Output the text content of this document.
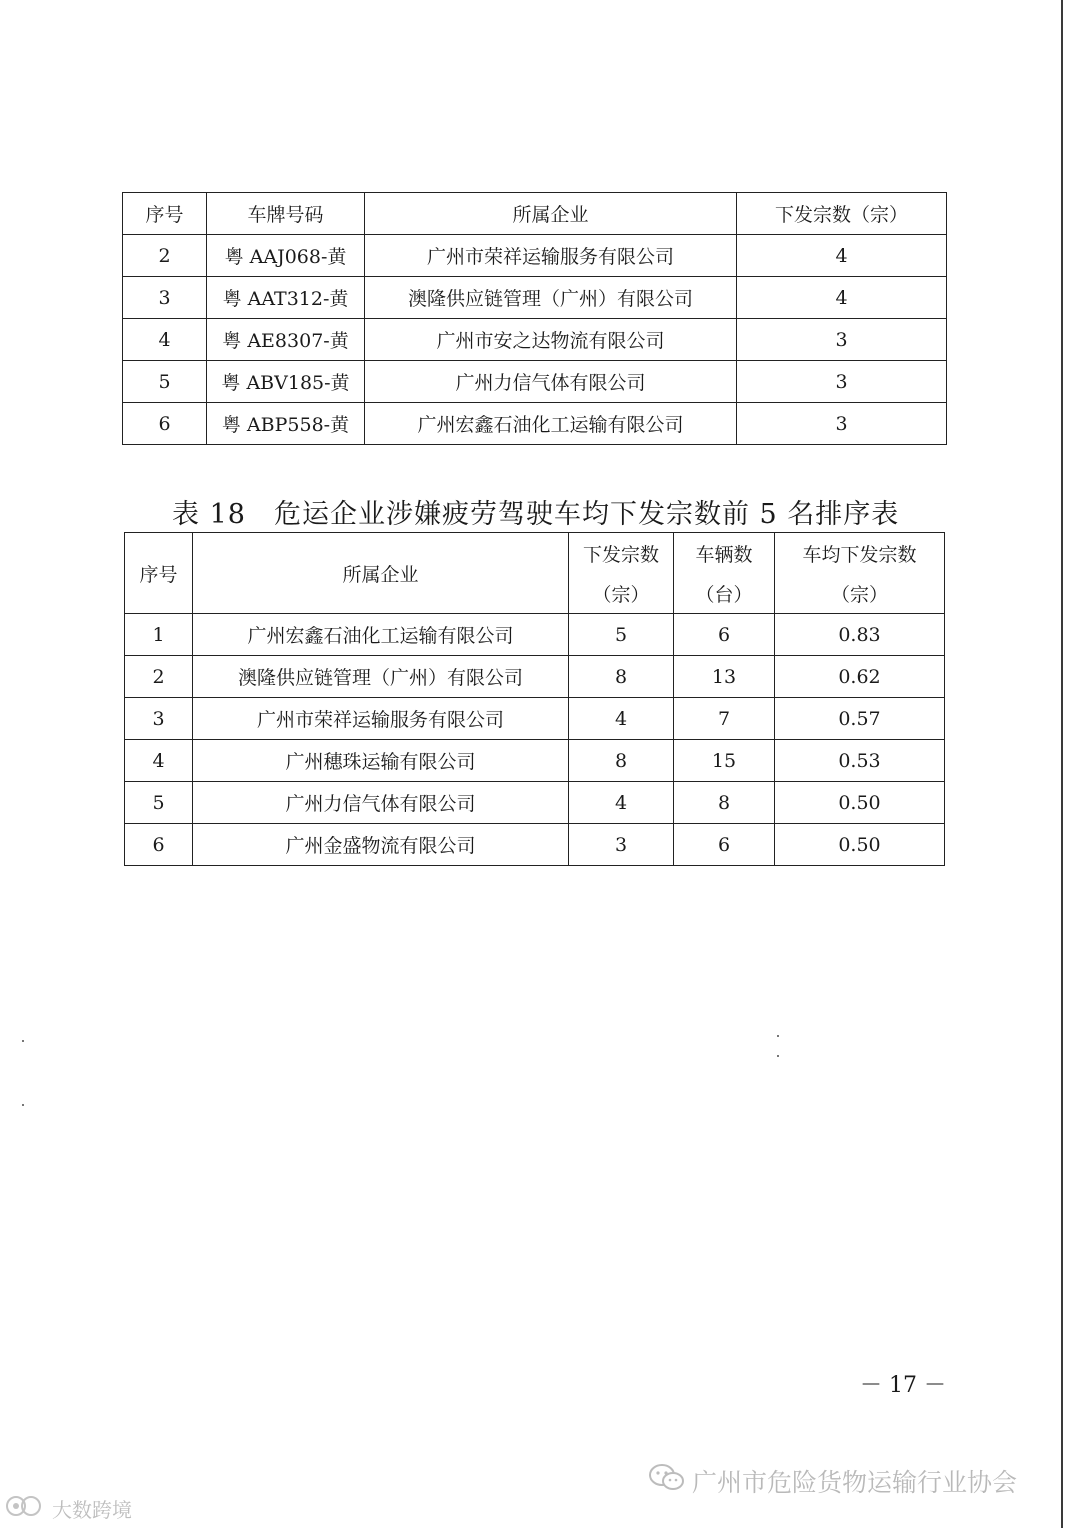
序号	车牌号码	所属企业	下发宗数（宗）
2	粤 AAJ068-黄	广州市荣祥运输服务有限公司	4
3	粤 AAT312-黄	澳隆供应链管理（广州）有限公司	4
4	粤 AE8307-黄	广州市安之达物流有限公司	3
5	粤 ABV185-黄	广州力信气体有限公司	3
6	粤 ABP558-黄	广州宏鑫石油化工运输有限公司	3
表 18　危运企业涉嫌疲劳驾驶车均下发宗数前 5 名排序表
序号	所属企业	下发宗数	车辆数	车均下发宗数
		（宗）	（台）	（宗）
1	广州宏鑫石油化工运输有限公司	5	6	0.83
2	澳隆供应链管理（广州）有限公司	8	13	0.62
3	广州市荣祥运输服务有限公司	4	7	0.57
4	广州穗珠运输有限公司	8	15	0.53
5	广州力信气体有限公司	4	8	0.50
6	广州金盛物流有限公司	3	6	0.50
－ 17 －
广州市危险货物运输行业协会
大数跨境
